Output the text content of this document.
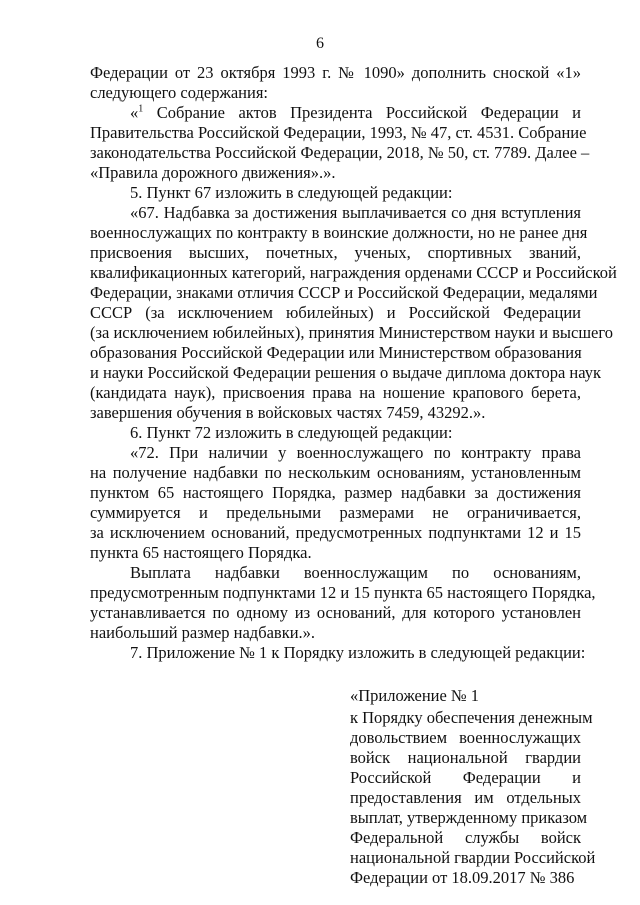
6
Федерации от 23 октября 1993 г. № 1090» дополнить сноской «1»
следующего содержания:
«$^1$ Собрание актов Президента Российской Федерации и
Правительства Российской Федерации, 1993, № 47, ст. 4531. Собрание
законодательства Российской Федерации, 2018, № 50, ст. 7789. Далее –
«Правила дорожного движения».».
5. Пункт 67 изложить в следующей редакции:
«67. Надбавка за достижения выплачивается со дня вступления
военнослужащих по контракту в воинские должности, но не ранее дня
присвоения высших, почетных, ученых, спортивных званий,
квалификационных категорий, награждения орденами СССР и Российской
Федерации, знаками отличия СССР и Российской Федерации, медалями
СССР (за исключением юбилейных) и Российской Федерации
(за исключением юбилейных), принятия Министерством науки и высшего
образования Российской Федерации или Министерством образования
и науки Российской Федерации решения о выдаче диплома доктора наук
(кандидата наук), присвоения права на ношение крапового берета,
завершения обучения в войсковых частях 7459, 43292.».
6. Пункт 72 изложить в следующей редакции:
«72. При наличии у военнослужащего по контракту права
на получение надбавки по нескольким основаниям, установленным
пунктом 65 настоящего Порядка, размер надбавки за достижения
суммируется и предельными размерами не ограничивается,
за исключением оснований, предусмотренных подпунктами 12 и 15
пункта 65 настоящего Порядка.
Выплата надбавки военнослужащим по основаниям,
предусмотренным подпунктами 12 и 15 пункта 65 настоящего Порядка,
устанавливается по одному из оснований, для которого установлен
наибольший размер надбавки.».
7. Приложение № 1 к Порядку изложить в следующей редакции:
«Приложение № 1
к Порядку обеспечения денежным
довольствием военнослужащих
войск национальной гвардии
Российской Федерации и
предоставления им отдельных
выплат, утвержденному приказом
Федеральной службы войск
национальной гвардии Российской
Федерации от 18.09.2017 № 386
